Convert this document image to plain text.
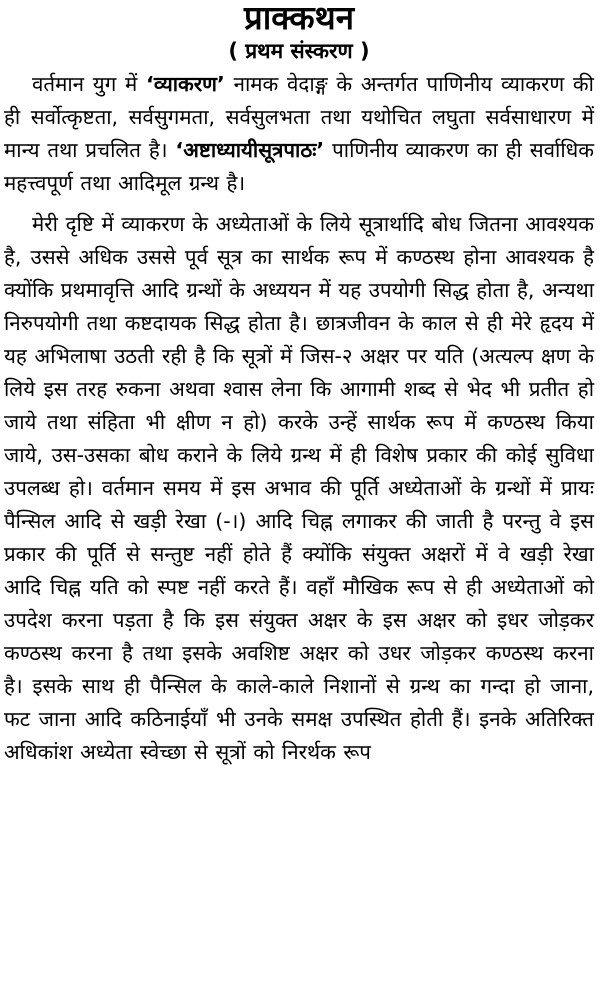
प्राक्कथन
( प्रथम संस्करण )

वर्तमान युग में ‘व्याकरण’ नामक वेदाङ्ग के अन्तर्गत पाणिनीय व्याकरण की ही सर्वोत्कृष्टता, सर्वसुगमता, सर्वसुलभता तथा यथोचित लघुता सर्वसाधारण में मान्य तथा प्रचलित है। ‘अष्टाध्यायीसूत्रपाठः’ पाणिनीय व्याकरण का ही सर्वाधिक महत्त्वपूर्ण तथा आदिमूल ग्रन्थ है।

मेरी दृष्टि में व्याकरण के अध्येताओं के लिये सूत्रार्थादि बोध जितना आवश्यक है, उससे अधिक उससे पूर्व सूत्र का सार्थक रूप में कण्ठस्थ होना आवश्यक है क्योंकि प्रथमावृत्ति आदि ग्रन्थों के अध्ययन में यह उपयोगी सिद्ध होता है, अन्यथा निरुपयोगी तथा कष्टदायक सिद्ध होता है। छात्रजीवन के काल से ही मेरे हृदय में यह अभिलाषा उठती रही है कि सूत्रों में जिस-२ अक्षर पर यति (अत्यल्प क्षण के लिये इस तरह रुकना अथवा श्वास लेना कि आगामी शब्द से भेद भी प्रतीत हो जाये तथा संहिता भी क्षीण न हो) करके उन्हें सार्थक रूप में कण्ठस्थ किया जाये, उस-उसका बोध कराने के लिये ग्रन्थ में ही विशेष प्रकार की कोई सुविधा उपलब्ध हो। वर्तमान समय में इस अभाव की पूर्ति अध्येताओं के ग्रन्थों में प्रायः पैन्सिल आदि से खड़ी रेखा (-।) आदि चिह्न लगाकर की जाती है परन्तु वे इस प्रकार की पूर्ति से सन्तुष्ट नहीं होते हैं क्योंकि संयुक्त अक्षरों में वे खड़ी रेखा आदि चिह्न यति को स्पष्ट नहीं करते हैं। वहाँ मौखिक रूप से ही अध्येताओं को उपदेश करना पड़ता है कि इस संयुक्त अक्षर के इस अक्षर को इधर जोड़कर कण्ठस्थ करना है तथा इसके अवशिष्ट अक्षर को उधर जोड़कर कण्ठस्थ करना है। इसके साथ ही पैन्सिल के काले-काले निशानों से ग्रन्थ का गन्दा हो जाना, फट जाना आदि कठिनाईयाँ भी उनके समक्ष उपस्थित होती हैं। इनके अतिरिक्त अधिकांश अध्येता स्वेच्छा से सूत्रों को निरर्थक रूप
